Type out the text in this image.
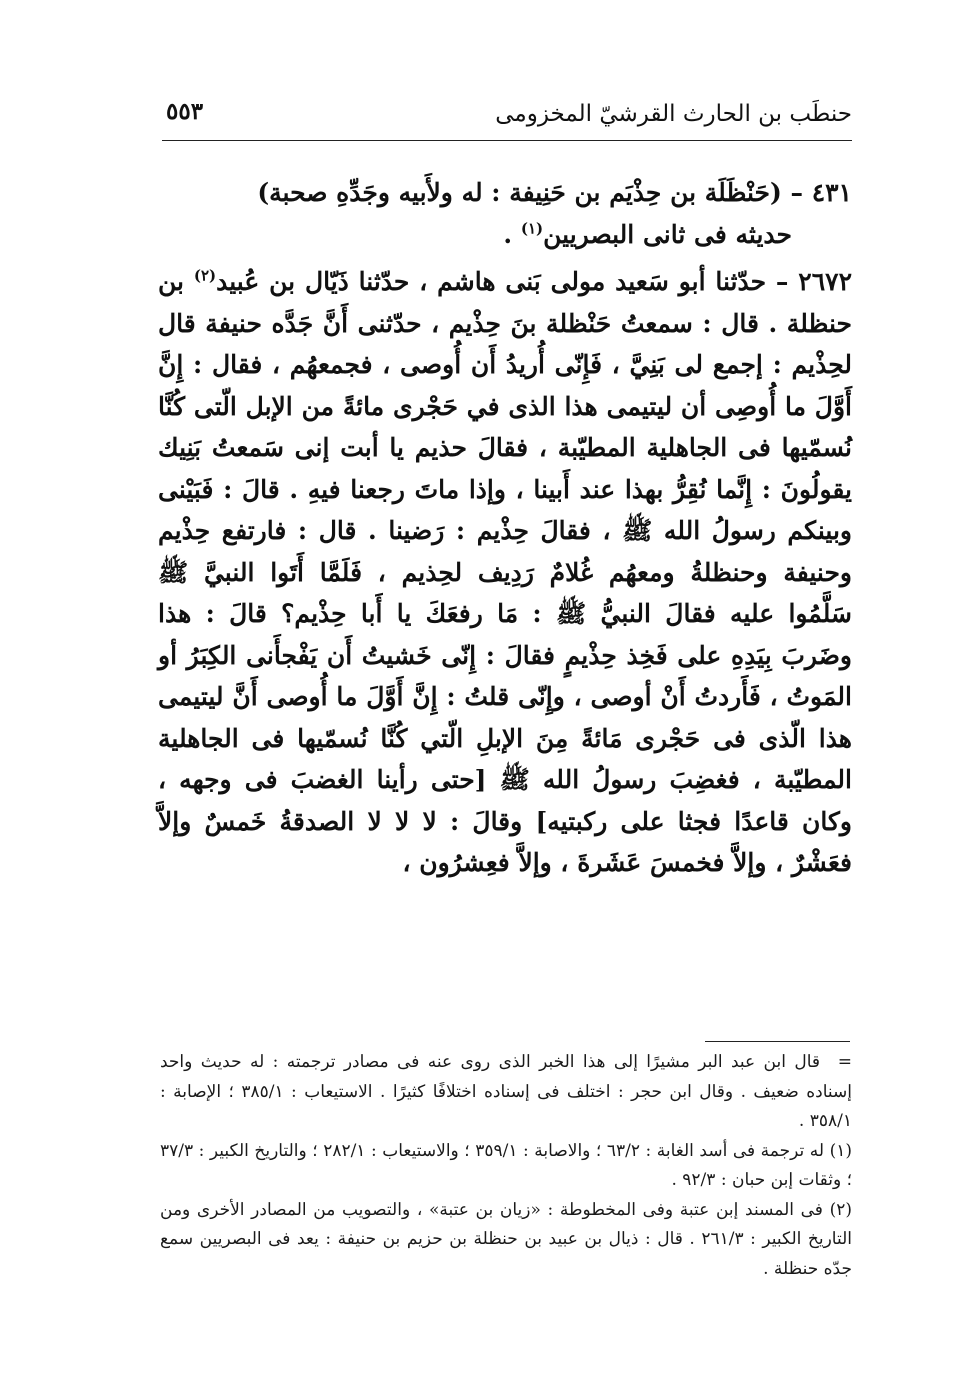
حنطَب بن الحارث القرشيّ المخزومى
٥٥٣

٤٣١ – (حَنْظَلَة بن حِذْيَم بن حَنِيفة : له ولأَبيه وجَدِّهِ صحبة)

حديثه فى ثانى البصريين$^{(١)}$ .

٢٦٧٢ – حدّثنا أبو سَعيد مولى بَنى هاشم ، حدّثنا ذَيّال بن عُبيد$^{(٢)}$ بن حنظلة . قال : سمعتُ حَنْظلة بنَ حِذْيم ، حدّثنى أَنَّ جَدَّه حنيفة قال لحِذْيم : إجمع لى بَنِيَّ ، فَإِنّى أُريدُ أَن أُوصى ، فجمعهُم ، فقال : إِنَّ أَوَّلَ ما أُوصِى أن ليتيمى هذا الذى في حَجْرى مائةً من الإبل الّتى كُنَّا نُسمّيها فى الجاهلية المطيّبة ، فقالَ حذيم يا أبت إنى سَمعتُ بَنِيك يقولُونَ : إِنَّما نُقِرُّ بهذا عند أَبينا ، وإذا ماتَ رجعنا فيهِ . قالَ : فَبَيْنى وبينكم رسولُ الله ﷺ ، فقالَ حِذْيم : رَضينا . قال : فارتفع حِذْيم وحنيفة وحنظلةُ ومعهُم غُلامٌ رَدِيف لحِذيم ، فَلَمَّا أَتَوا النبيَّ ﷺ سَلَّمُوا عليه فقالَ النبيُّ ﷺ : مَا رفعَكَ يا أَبا حِذْيم؟ قالَ : هذا وضَربَ بِيَدِهِ على فَخِذ حِذْيمٍ فقالَ : إِنّى خَشيتُ أَن يَفْجأَنى الكِبَرُ أو المَوتُ ، فَأَردتُ أَنْ أوصى ، وإِنّى قلتُ : إِنَّ أَوَّلَ ما أُوصى أَنَّ ليتيمى هذا الّذى فى حَجْرى مَائةً مِنَ الإبلِ الّتي كُنَّا نُسمّيها فى الجاهلية المطيّبة ، فغضِبَ رسولُ الله ﷺ [حتى رأينا الغضبَ فى وجهه ، وكان قاعدًا فجثا على ركبتيه] وقالَ : لا لا لا الصدقةُ خَمسٌ وإلاَّ فعَشْرٌ ، وإلاَّ فخمسَ عَشَرةَ ، وإلاَّ فعِشرُون ،

=قال ابن عبد البر مشيرًا إلى هذا الخبر الذى روى عنه فى مصادر ترجمته : له حديث واحد إسناده ضعيف . وقال ابن حجر : اختلف فى إسناده اختلافًا كثيرًا . الاستيعاب : ٣٨٥/١ ؛ الإصابة : ٣٥٨/١ .

(١) له ترجمة فى أسد الغابة : ٦٣/٢ ؛ والاصابة : ٣٥٩/١ ؛ والاستيعاب : ٢٨٢/١ ؛ والتاريخ الكبير : ٣٧/٣ ؛ وثقات إبن حبان : ٩٢/٣ .

(٢) فى المسند إبن عتبة وفى المخطوطة : «زيان بن عتبة» ، والتصويب من المصادر الأخرى ومن التاريخ الكبير : ٢٦١/٣ . قال : ذيال بن عبيد بن حنظلة بن حزيم بن حنيفة : يعد فى البصريين سمع جدّه حنظلة .
